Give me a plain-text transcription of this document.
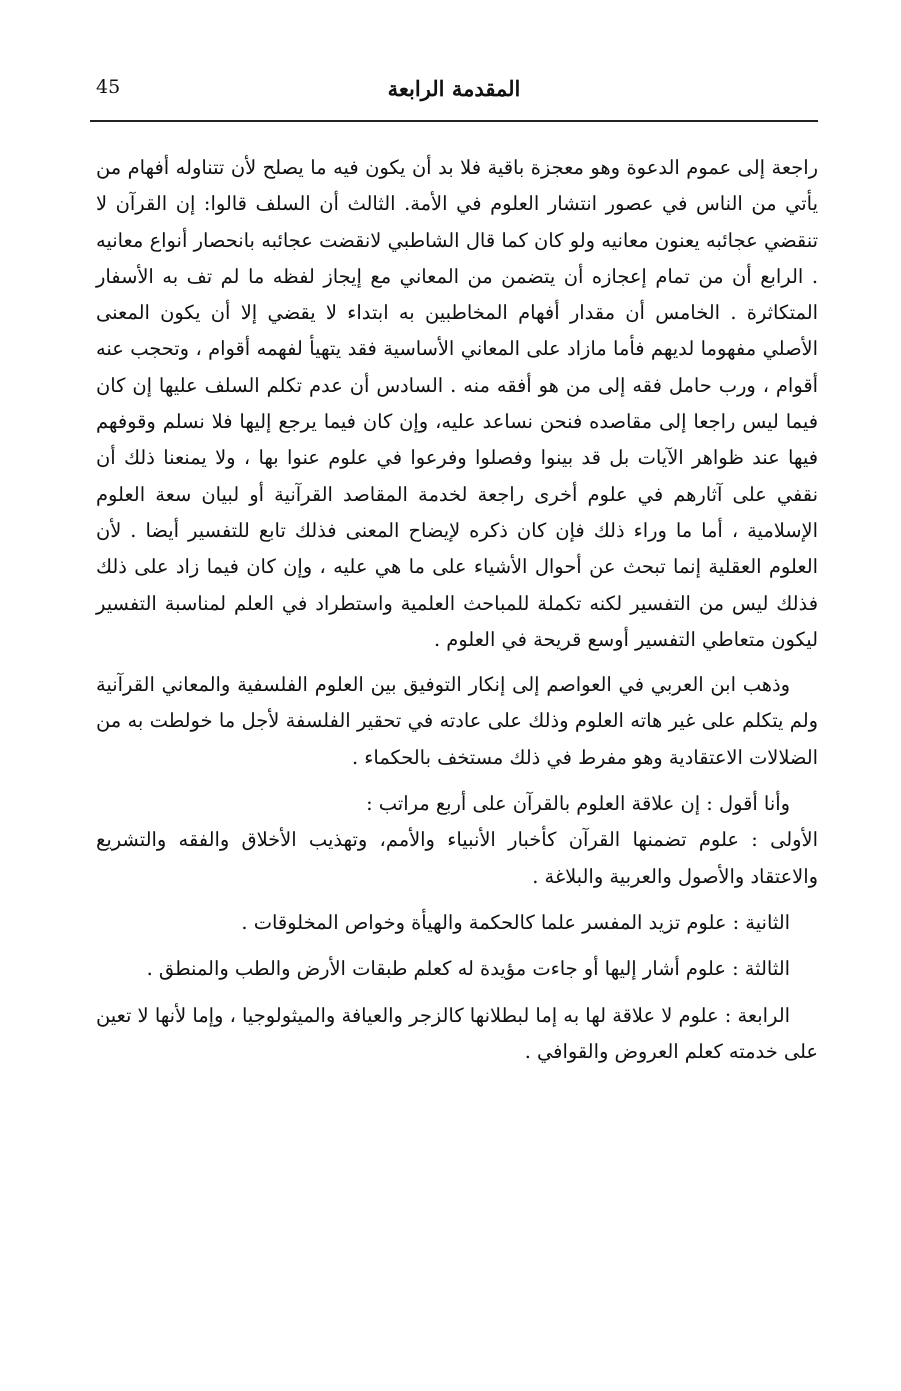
45	المقدمة الرابعة

راجعة إلى عموم الدعوة وهو معجزة باقية فلا بد أن يكون فيه ما يصلح لأن تتناوله أفهام من يأتي من الناس في عصور انتشار العلوم في الأمة. الثالث أن السلف قالوا: إن القرآن لا تنقضي عجائبه يعنون معانيه ولو كان كما قال الشاطبي لانقضت عجائبه بانحصار أنواع معانيه . الرابع أن من تمام إعجازه أن يتضمن من المعاني مع إيجاز لفظه ما لم تف به الأسفار المتكاثرة . الخامس أن مقدار أفهام المخاطبين به ابتداء لا يقضي إلا أن يكون المعنى الأصلي مفهوما لديهم فأما مازاد على المعاني الأساسية فقد يتهيأ لفهمه أقوام ، وتحجب عنه أقوام ، ورب حامل فقه إلى من هو أفقه منه . السادس أن عدم تكلم السلف عليها إن كان فيما ليس راجعا إلى مقاصده فنحن نساعد عليه، وإن كان فيما يرجع إليها فلا نسلم وقوفهم فيها عند ظواهر الآيات بل قد بينوا وفصلوا وفرعوا في علوم عنوا بها ، ولا يمنعنا ذلك أن نقفي على آثارهم في علوم أخرى راجعة لخدمة المقاصد القرآنية أو لبيان سعة العلوم الإسلامية ، أما ما وراء ذلك فإن كان ذكره لإيضاح المعنى فذلك تابع للتفسير أيضا . لأن العلوم العقلية إنما تبحث عن أحوال الأشياء على ما هي عليه ، وإن كان فيما زاد على ذلك فذلك ليس من التفسير لكنه تكملة للمباحث العلمية واستطراد في العلم لمناسبة التفسير ليكون متعاطي التفسير أوسع قريحة في العلوم .

وذهب ابن العربي في العواصم إلى إنكار التوفيق بين العلوم الفلسفية والمعاني القرآنية ولم يتكلم على غير هاته العلوم وذلك على عادته في تحقير الفلسفة لأجل ما خولطت به من الضلالات الاعتقادية وهو مفرط في ذلك مستخف بالحكماء .

وأنا أقول : إن علاقة العلوم بالقرآن على أربع مراتب :

الأولى : علوم تضمنها القرآن كأخبار الأنبياء والأمم، وتهذيب الأخلاق والفقه والتشريع والاعتقاد والأصول والعربية والبلاغة .

الثانية : علوم تزيد المفسر علما كالحكمة والهيأة وخواص المخلوقات .

الثالثة : علوم أشار إليها أو جاءت مؤيدة له كعلم طبقات الأرض والطب والمنطق .

الرابعة : علوم لا علاقة لها به إما لبطلانها كالزجر والعيافة والميثولوجيا ، وإما لأنها لا تعين على خدمته كعلم العروض والقوافي .
